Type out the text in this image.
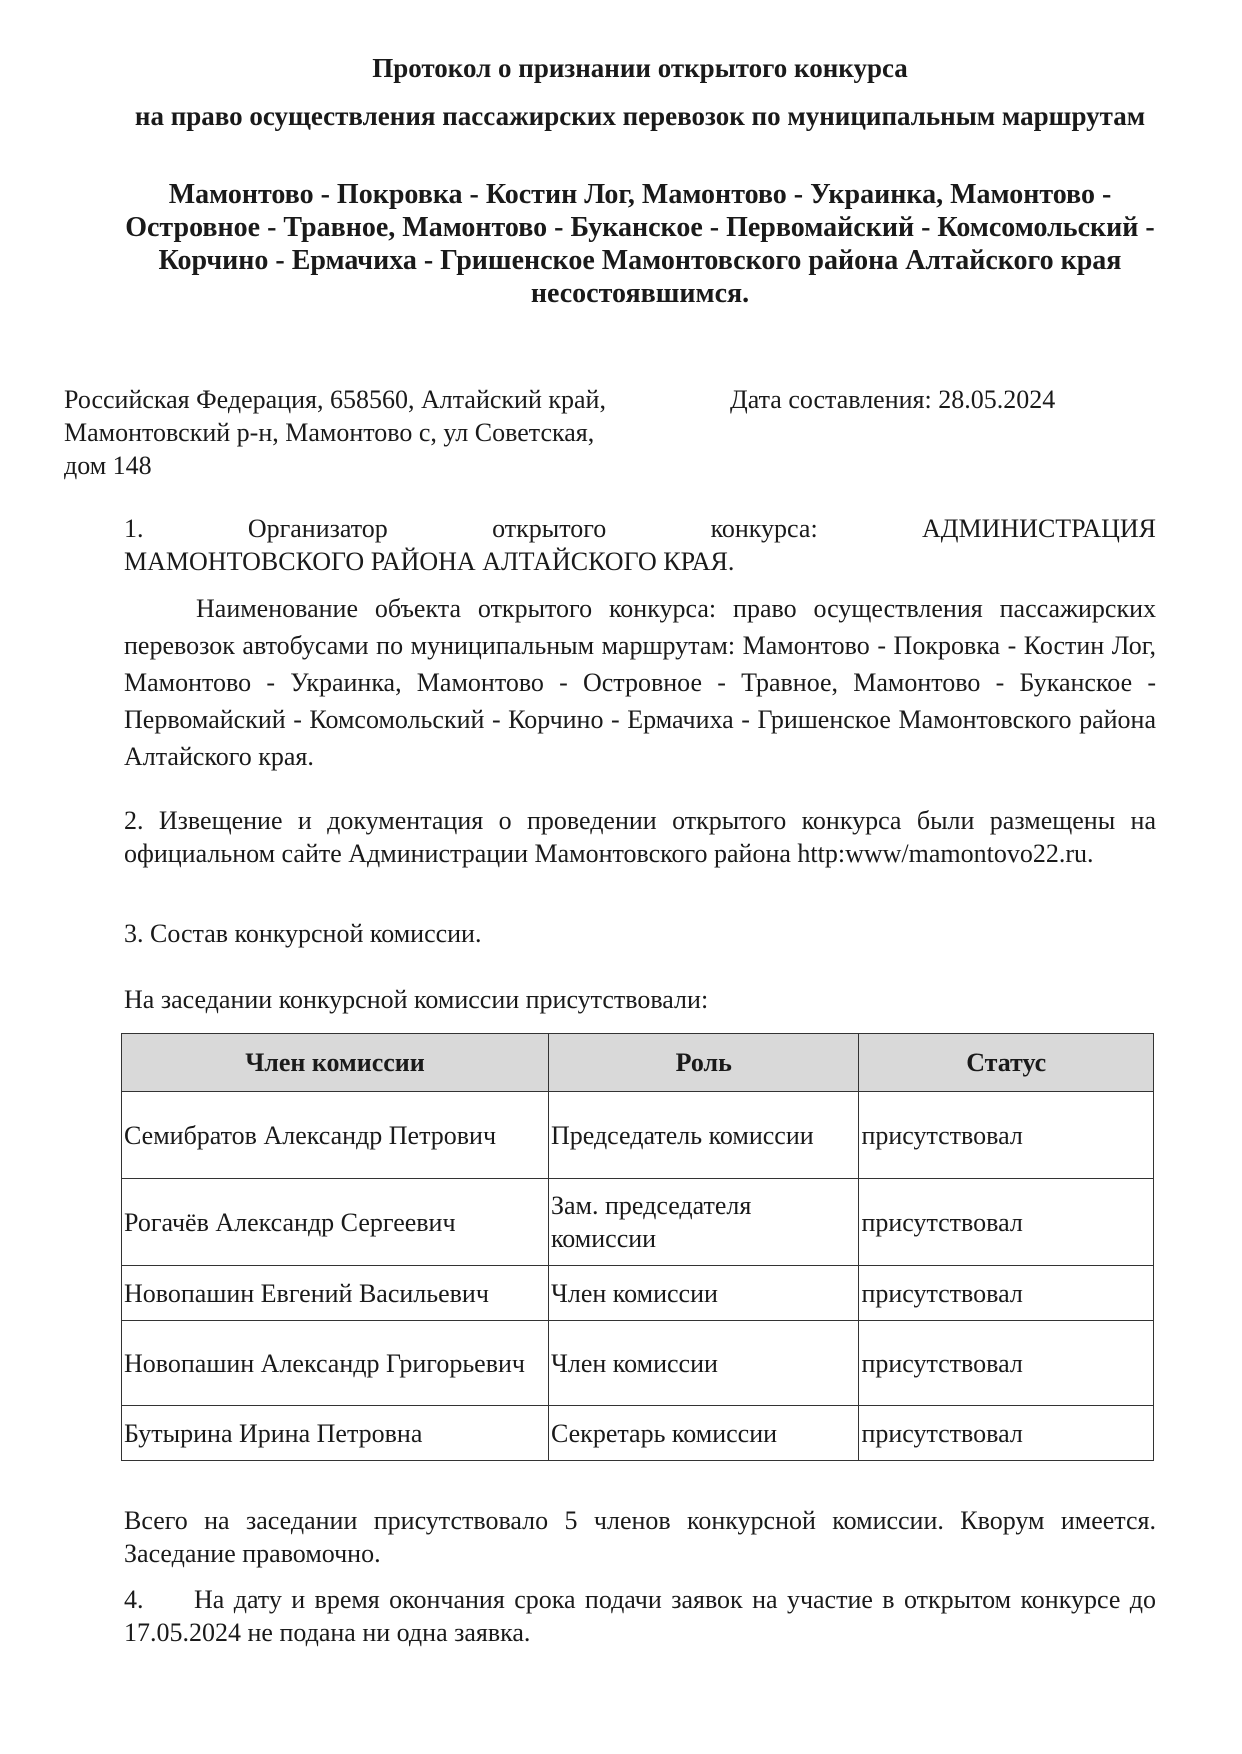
Протокол о признании открытого конкурса

на право осуществления пассажирских перевозок по муниципальным маршрутам

Мамонтово - Покровка - Костин Лог, Мамонтово - Украинка, Мамонтово - Островное - Травное, Мамонтово - Буканское - Первомайский - Комсомольский - Корчино - Ермачиха - Гришенское Мамонтовского района Алтайского края несостоявшимся.

Российская Федерация, 658560, Алтайский край, Мамонтовский р-н, Мамонтово с, ул Советская, дом 148
Дата составления: 28.05.2024
1.	Организатор	открытого	конкурса:	АДМИНИСТРАЦИЯ
МАМОНТОВСКОГО РАЙОНА АЛТАЙСКОГО КРАЯ.
Наименование объекта открытого конкурса: право осуществления пассажирских перевозок автобусами по муниципальным маршрутам: Мамонтово - Покровка - Костин Лог, Мамонтово - Украинка, Мамонтово - Островное - Травное, Мамонтово - Буканское - Первомайский - Комсомольский - Корчино - Ермачиха - Гришенское Мамонтовского района Алтайского края.
2. Извещение и документация о проведении открытого конкурса были размещены на официальном сайте Администрации Мамонтовского района http:www/mamontovo22.ru.
3. Состав конкурсной комиссии.
На заседании конкурсной комиссии присутствовали:
Член комиссии	Роль	Статус
Семибратов Александр Петрович	Председатель комиссии	присутствовал
Рогачёв Александр Сергеевич	Зам. председателя комиссии	присутствовал
Новопашин Евгений Васильевич	Член комиссии	присутствовал
Новопашин Александр Григорьевич	Член комиссии	присутствовал
Бутырина Ирина Петровна	Секретарь комиссии	присутствовал
Всего на заседании присутствовало 5 членов конкурсной комиссии. Кворум имеется. Заседание правомочно.
4. На дату и время окончания срока подачи заявок на участие в открытом конкурсе до 17.05.2024 не подана ни одна заявка.
